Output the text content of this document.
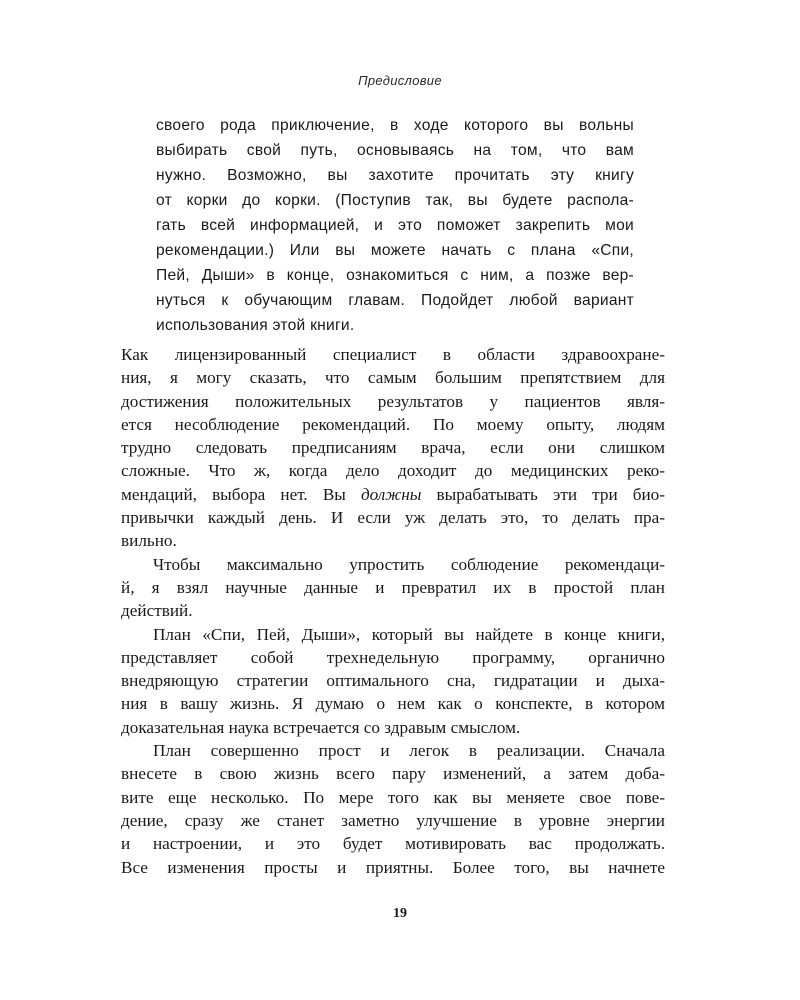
Предисловие
своего рода приключение, в ходе которого вы вольны
выбирать свой путь, основываясь на том, что вам
нужно. Возможно, вы захотите прочитать эту книгу
от корки до корки. (Поступив так, вы будете распола-
гать всей информацией, и это поможет закрепить мои
рекомендации.) Или вы можете начать с плана «Спи,
Пей, Дыши» в конце, ознакомиться с ним, а позже вер-
нуться к обучающим главам. Подойдет любой вариант
использования этой книги.
Как лицензированный специалист в области здравоохране-
ния, я могу сказать, что самым большим препятствием для
достижения положительных результатов у пациентов явля-
ется несоблюдение рекомендаций. По моему опыту, людям
трудно следовать предписаниям врача, если они слишком
сложные. Что ж, когда дело доходит до медицинских реко-
мендаций, выбора нет. Вы должны вырабатывать эти три био-
привычки каждый день. И если уж делать это, то делать пра-
вильно.
Чтобы максимально упростить соблюдение рекомендаци-
й, я взял научные данные и превратил их в простой план
действий.
План «Спи, Пей, Дыши», который вы найдете в конце книги,
представляет собой трехнедельную программу, органично
внедряющую стратегии оптимального сна, гидратации и дыха-
ния в вашу жизнь. Я думаю о нем как о конспекте, в котором
доказательная наука встречается со здравым смыслом.
План совершенно прост и легок в реализации. Сначала
внесете в свою жизнь всего пару изменений, а затем доба-
вите еще несколько. По мере того как вы меняете свое пове-
дение, сразу же станет заметно улучшение в уровне энергии
и настроении, и это будет мотивировать вас продолжать.
Все изменения просты и приятны. Более того, вы начнете
19
